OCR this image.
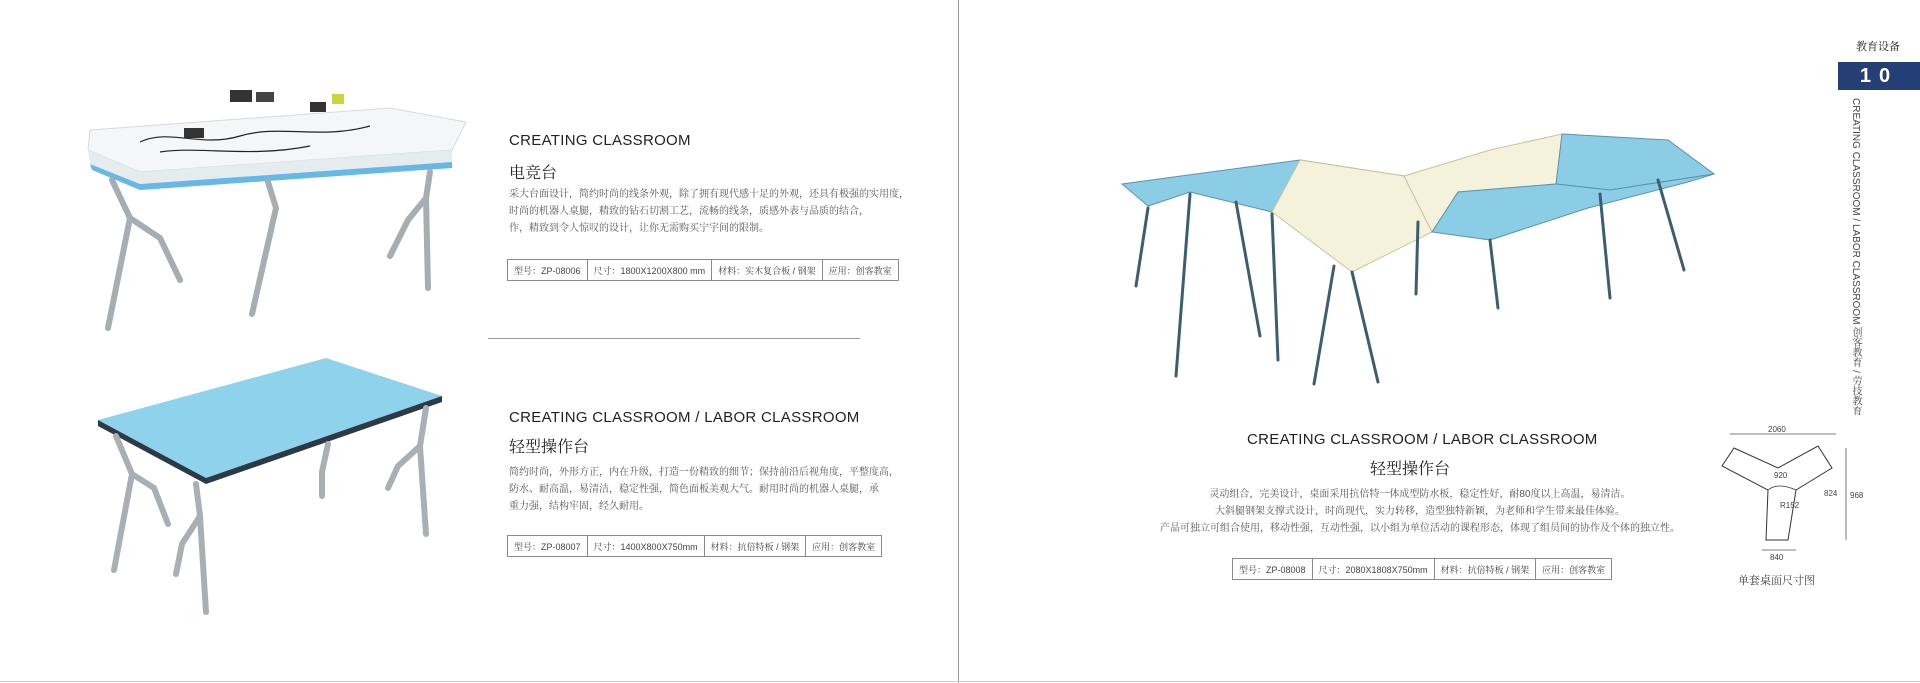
CREATING CLASSROOM
电竞台

采大台面设计，简约时尚的线条外观，除了拥有现代感十足的外观，还具有极强的实用度，

时尚的机器人桌腿，精致的钻石切割工艺，流畅的线条，质感外表与品质的结合，

作，精致到令人惊叹的设计，让你无需购买宁宇间的限制。

型号：ZP-08006	尺寸：1800X1200X800 mm	材料：实木复合板 / 钢架	应用：创客教室
CREATING CLASSROOM / LABOR CLASSROOM
轻型操作台

简约时尚，外形方正，内在升级，打造一份精致的细节；保持前沿后视角度，平整度高，

防水、耐高温，易清洁，稳定性强，简色面板美观大气。耐用时尚的机器人桌腿，承

重力强，结构牢固，经久耐用。

型号：ZP-08007	尺寸：1400X800X750mm	材料：抗倍特板 / 钢架	应用：创客教室
CREATING CLASSROOM / LABOR CLASSROOM
轻型操作台

灵动组合，完美设计，桌面采用抗倍特一体成型防水板，稳定性好，耐80度以上高温，易清洁。

大斜腿钢架支撑式设计，时尚现代，实力转移，造型独特新颖，为老师和学生带来最佳体验。

产品可独立可组合使用，移动性强，互动性强，以小组为单位活动的课程形态，体现了组员间的协作及个体的独立性。

型号：ZP-08008	尺寸：2080X1808X750mm	材料：抗倍特板 / 钢架	应用：创客教室
2060
920
R152
824 968
840
单套桌面尺寸图
教育设备
10
CREATING CLASSROOM / LABOR CLASSROOM 创客教育 / 劳技教育
